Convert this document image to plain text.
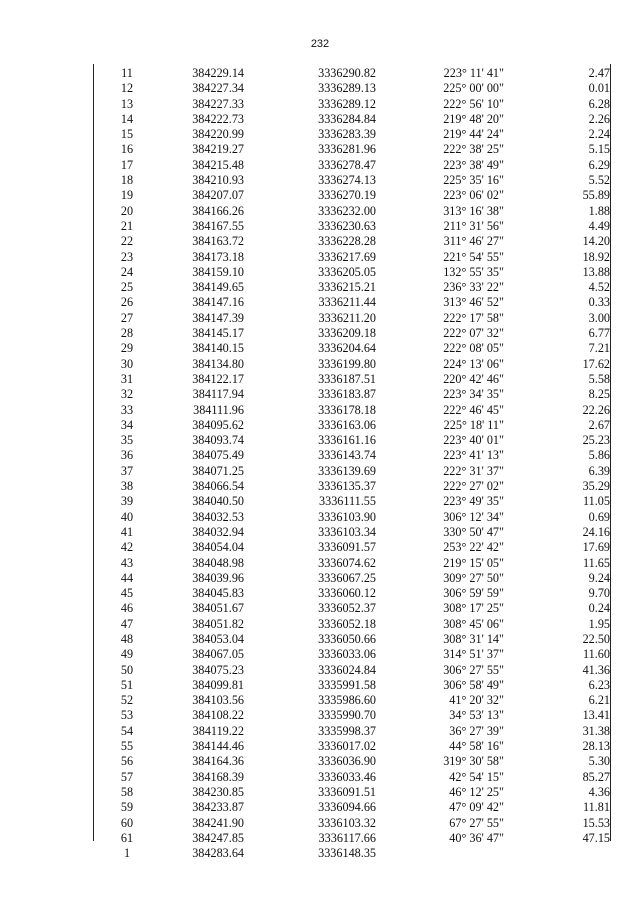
232
11	384229.14	3336290.82	223° 11' 41"	2.47
12	384227.34	3336289.13	225° 00' 00"	0.01
13	384227.33	3336289.12	222° 56' 10"	6.28
14	384222.73	3336284.84	219° 48' 20"	2.26
15	384220.99	3336283.39	219° 44' 24"	2.24
16	384219.27	3336281.96	222° 38' 25"	5.15
17	384215.48	3336278.47	223° 38' 49"	6.29
18	384210.93	3336274.13	225° 35' 16"	5.52
19	384207.07	3336270.19	223° 06' 02"	55.89
20	384166.26	3336232.00	313° 16' 38"	1.88
21	384167.55	3336230.63	211° 31' 56"	4.49
22	384163.72	3336228.28	311° 46' 27"	14.20
23	384173.18	3336217.69	221° 54' 55"	18.92
24	384159.10	3336205.05	132° 55' 35"	13.88
25	384149.65	3336215.21	236° 33' 22"	4.52
26	384147.16	3336211.44	313° 46' 52"	0.33
27	384147.39	3336211.20	222° 17' 58"	3.00
28	384145.17	3336209.18	222° 07' 32"	6.77
29	384140.15	3336204.64	222° 08' 05"	7.21
30	384134.80	3336199.80	224° 13' 06"	17.62
31	384122.17	3336187.51	220° 42' 46"	5.58
32	384117.94	3336183.87	223° 34' 35"	8.25
33	384111.96	3336178.18	222° 46' 45"	22.26
34	384095.62	3336163.06	225° 18' 11"	2.67
35	384093.74	3336161.16	223° 40' 01"	25.23
36	384075.49	3336143.74	223° 41' 13"	5.86
37	384071.25	3336139.69	222° 31' 37"	6.39
38	384066.54	3336135.37	222° 27' 02"	35.29
39	384040.50	3336111.55	223° 49' 35"	11.05
40	384032.53	3336103.90	306° 12' 34"	0.69
41	384032.94	3336103.34	330° 50' 47"	24.16
42	384054.04	3336091.57	253° 22' 42"	17.69
43	384048.98	3336074.62	219° 15' 05"	11.65
44	384039.96	3336067.25	309° 27' 50"	9.24
45	384045.83	3336060.12	306° 59' 59"	9.70
46	384051.67	3336052.37	308° 17' 25"	0.24
47	384051.82	3336052.18	308° 45' 06"	1.95
48	384053.04	3336050.66	308° 31' 14"	22.50
49	384067.05	3336033.06	314° 51' 37"	11.60
50	384075.23	3336024.84	306° 27' 55"	41.36
51	384099.81	3335991.58	306° 58' 49"	6.23
52	384103.56	3335986.60	41° 20' 32"	6.21
53	384108.22	3335990.70	34° 53' 13"	13.41
54	384119.22	3335998.37	36° 27' 39"	31.38
55	384144.46	3336017.02	44° 58' 16"	28.13
56	384164.36	3336036.90	319° 30' 58"	5.30
57	384168.39	3336033.46	42° 54' 15"	85.27
58	384230.85	3336091.51	46° 12' 25"	4.36
59	384233.87	3336094.66	47° 09' 42"	11.81
60	384241.90	3336103.32	67° 27' 55"	15.53
61	384247.85	3336117.66	40° 36' 47"	47.15
1	384283.64	3336148.35		
